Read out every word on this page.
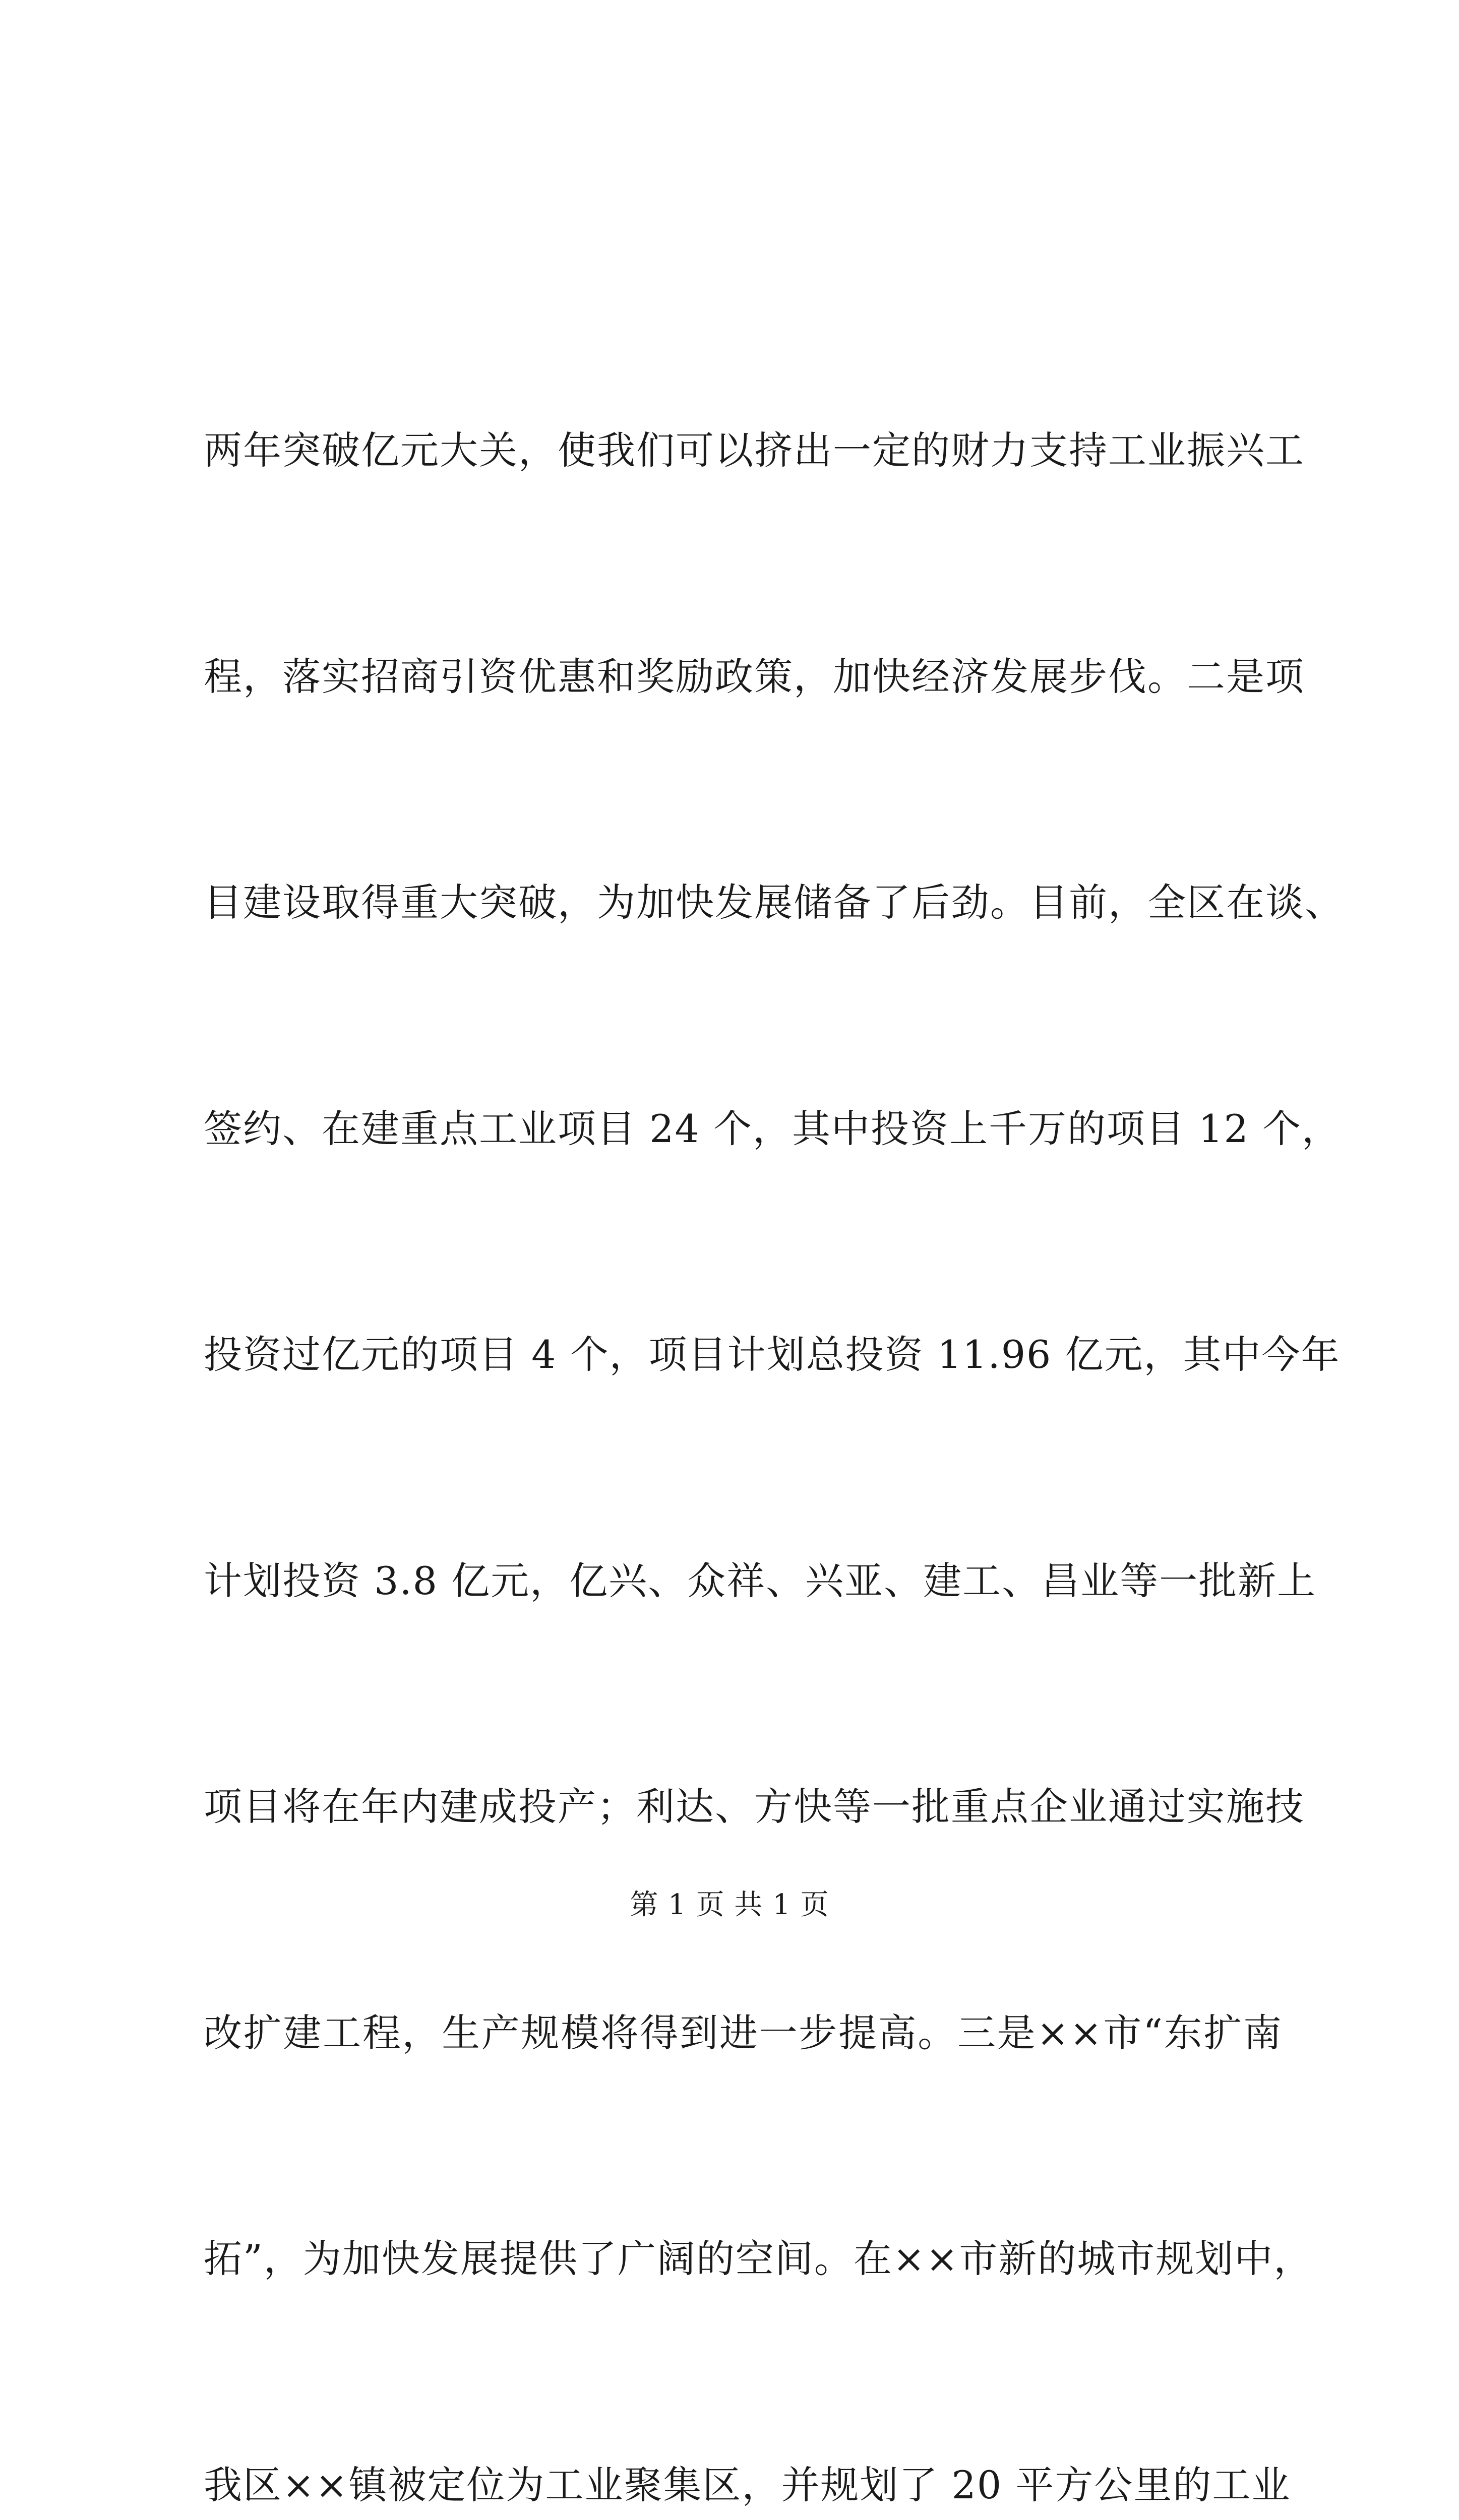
两年突破亿元大关，使我们可以挤出一定的财力支持工业振兴工

程，落实招商引资优惠和奖励政策，加快经济发展步伐。二是项

目建设取得重大突破，为加快发展储备了后劲。目前，全区在谈、

签约、在建重点工业项目 24 个，其中投资上千万的项目 12 个，

投资过亿元的项目 4 个，项目计划总投资 11.96 亿元，其中今年

计划投资 3.8 亿元，亿兴、众祥、兴亚、建工、昌业等一批新上

项目将在年内建成投产；利达、方快等一批重点企业通过实施技

改扩建工程，生产规模将得到进一步提高。三是××市“东扩南

拓”，为加快发展提供了广阔的空间。在××市新的城市规划中，

我区××镇被定位为工业聚集区，并规划了 20 平方公里的工业

第 1 页 共 1 页
